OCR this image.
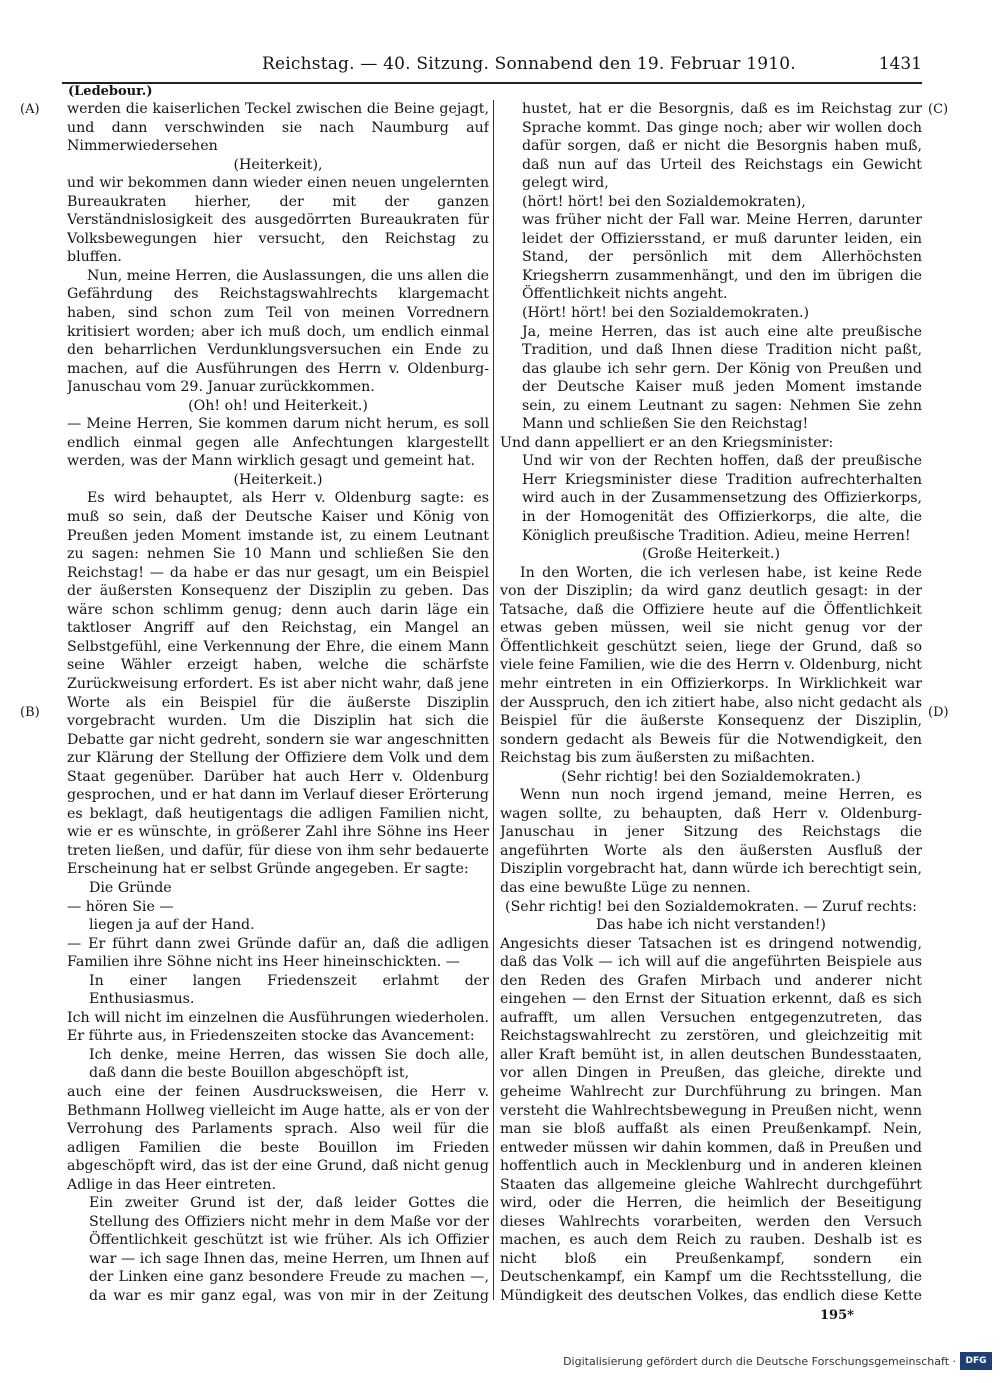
Reichstag. — 40. Sitzung. Sonnabend den 19. Februar 1910.	1431
(Ledebour.)
(A)
(B)
(C)
(D)

werden die kaiserlichen Teckel zwischen die Beine gejagt, und dann verschwinden sie nach Naumburg auf Nimmerwiedersehen

(Heiterkeit),

und wir bekommen dann wieder einen neuen ungelernten Bureaukraten hierher, der mit der ganzen Verständnislosigkeit des ausgedörrten Bureaukraten für Volksbewegungen hier versucht, den Reichstag zu bluffen.

Nun, meine Herren, die Auslassungen, die uns allen die Gefährdung des Reichstagswahlrechts klargemacht haben, sind schon zum Teil von meinen Vorrednern kritisiert worden; aber ich muß doch, um endlich einmal den beharrlichen Verdunklungsversuchen ein Ende zu machen, auf die Ausführungen des Herrn v. Oldenburg-Januschau vom 29. Januar zurückkommen.

(Oh! oh! und Heiterkeit.)

— Meine Herren, Sie kommen darum nicht herum, es soll endlich einmal gegen alle Anfechtungen klargestellt werden, was der Mann wirklich gesagt und gemeint hat.

(Heiterkeit.)

Es wird behauptet, als Herr v. Oldenburg sagte: es muß so sein, daß der Deutsche Kaiser und König von Preußen jeden Moment imstande ist, zu einem Leutnant zu sagen: nehmen Sie 10 Mann und schließen Sie den Reichstag! — da habe er das nur gesagt, um ein Beispiel der äußersten Konsequenz der Disziplin zu geben. Das wäre schon schlimm genug; denn auch darin läge ein taktloser Angriff auf den Reichstag, ein Mangel an Selbstgefühl, eine Verkennung der Ehre, die einem Mann seine Wähler erzeigt haben, welche die schärfste Zurückweisung erfordert. Es ist aber nicht wahr, daß jene Worte als ein Beispiel für die äußerste Disziplin vorgebracht wurden. Um die Disziplin hat sich die Debatte gar nicht gedreht, sondern sie war angeschnitten zur Klärung der Stellung der Offiziere dem Volk und dem Staat gegenüber. Darüber hat auch Herr v. Oldenburg gesprochen, und er hat dann im Verlauf dieser Erörterung es beklagt, daß heutigentags die adligen Familien nicht, wie er es wünschte, in größerer Zahl ihre Söhne ins Heer treten ließen, und dafür, für diese von ihm sehr bedauerte Erscheinung hat er selbst Gründe angegeben. Er sagte:

Die Gründe

— hören Sie —

liegen ja auf der Hand.

— Er führt dann zwei Gründe dafür an, daß die adligen Familien ihre Söhne nicht ins Heer hineinschickten. —

In einer langen Friedenszeit erlahmt der Enthusiasmus.

Ich will nicht im einzelnen die Ausführungen wiederholen. Er führte aus, in Friedenszeiten stocke das Avancement:

Ich denke, meine Herren, das wissen Sie doch alle, daß dann die beste Bouillon abgeschöpft ist,

auch eine der feinen Ausdrucksweisen, die Herr v. Bethmann Hollweg vielleicht im Auge hatte, als er von der Verrohung des Parlaments sprach. Also weil für die adligen Familien die beste Bouillon im Frieden abgeschöpft wird, das ist der eine Grund, daß nicht genug Adlige in das Heer eintreten.

Ein zweiter Grund ist der, daß leider Gottes die Stellung des Offiziers nicht mehr in dem Maße vor der Öffentlichkeit geschützt ist wie früher. Als ich Offizier war — ich sage Ihnen das, meine Herren, um Ihnen auf der Linken eine ganz besondere Freude zu machen —, da war es mir ganz egal, was von mir in der Zeitung

hustet, hat er die Besorgnis, daß es im Reichstag zur Sprache kommt. Das ginge noch; aber wir wollen doch dafür sorgen, daß er nicht die Besorgnis haben muß, daß nun auf das Urteil des Reichstags ein Gewicht gelegt wird,

(hört! hört! bei den Sozialdemokraten),

was früher nicht der Fall war. Meine Herren, darunter leidet der Offiziersstand, er muß darunter leiden, ein Stand, der persönlich mit dem Allerhöchsten Kriegsherrn zusammenhängt, und den im übrigen die Öffentlichkeit nichts angeht.

(Hört! hört! bei den Sozialdemokraten.)

Ja, meine Herren, das ist auch eine alte preußische Tradition, und daß Ihnen diese Tradition nicht paßt, das glaube ich sehr gern. Der König von Preußen und der Deutsche Kaiser muß jeden Moment imstande sein, zu einem Leutnant zu sagen: Nehmen Sie zehn Mann und schließen Sie den Reichstag!

Und dann appelliert er an den Kriegsminister:

Und wir von der Rechten hoffen, daß der preußische Herr Kriegsminister diese Tradition aufrechterhalten wird auch in der Zusammensetzung des Offizierkorps, in der Homogenität des Offizierkorps, die alte, die Königlich preußische Tradition. Adieu, meine Herren!

(Große Heiterkeit.)

In den Worten, die ich verlesen habe, ist keine Rede von der Disziplin; da wird ganz deutlich gesagt: in der Tatsache, daß die Offiziere heute auf die Öffentlichkeit etwas geben müssen, weil sie nicht genug vor der Öffentlichkeit geschützt seien, liege der Grund, daß so viele feine Familien, wie die des Herrn v. Oldenburg, nicht mehr eintreten in ein Offizierkorps. In Wirklichkeit war der Ausspruch, den ich zitiert habe, also nicht gedacht als Beispiel für die äußerste Konsequenz der Disziplin, sondern gedacht als Beweis für die Notwendigkeit, den Reichstag bis zum äußersten zu mißachten.

(Sehr richtig! bei den Sozialdemokraten.)

Wenn nun noch irgend jemand, meine Herren, es wagen sollte, zu behaupten, daß Herr v. Oldenburg-Januschau in jener Sitzung des Reichstags die angeführten Worte als den äußersten Ausfluß der Disziplin vorgebracht hat, dann würde ich berechtigt sein, das eine bewußte Lüge zu nennen.

(Sehr richtig! bei den Sozialdemokraten. — Zuruf rechts: Das habe ich nicht verstanden!)

Angesichts dieser Tatsachen ist es dringend notwendig, daß das Volk — ich will auf die angeführten Beispiele aus den Reden des Grafen Mirbach und anderer nicht eingehen — den Ernst der Situation erkennt, daß es sich aufrafft, um allen Versuchen entgegenzutreten, das Reichstagswahlrecht zu zerstören, und gleichzeitig mit aller Kraft bemüht ist, in allen deutschen Bundesstaaten, vor allen Dingen in Preußen, das gleiche, direkte und geheime Wahlrecht zur Durchführung zu bringen. Man versteht die Wahlrechtsbewegung in Preußen nicht, wenn man sie bloß auffaßt als einen Preußenkampf. Nein, entweder müssen wir dahin kommen, daß in Preußen und hoffentlich auch in Mecklenburg und in anderen kleinen Staaten das allgemeine gleiche Wahlrecht durchgeführt wird, oder die Herren, die heimlich der Beseitigung dieses Wahlrechts vorarbeiten, werden den Versuch machen, es auch dem Reich zu rauben. Deshalb ist es nicht bloß ein Preußenkampf, sondern ein Deutschenkampf, ein Kampf um die Rechtsstellung, die Mündigkeit des deutschen Volkes, das endlich diese Kette

195*
Digitalisierung gefördert durch die Deutsche Forschungsgemeinschaft ·	DFG
